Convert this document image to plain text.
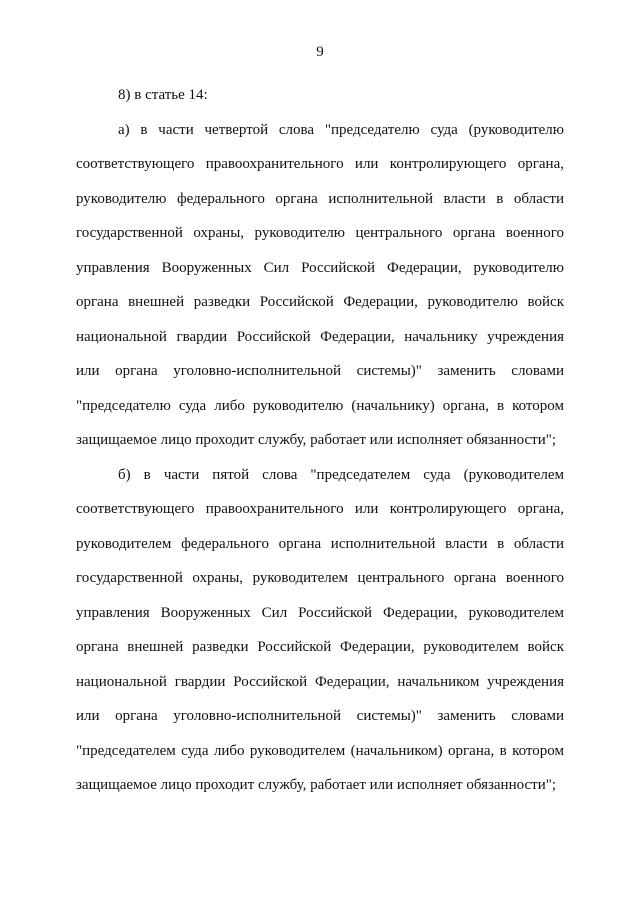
9
8) в статье 14:
а) в части четвертой слова "председателю суда (руководителю
соответствующего правоохранительного или контролирующего органа,
руководителю федерального органа исполнительной власти в области
государственной охраны, руководителю центрального органа военного
управления Вооруженных Сил Российской Федерации, руководителю
органа внешней разведки Российской Федерации, руководителю войск
национальной гвардии Российской Федерации, начальнику учреждения
или органа уголовно-исполнительной системы)" заменить словами
"председателю суда либо руководителю (начальнику) органа, в котором
защищаемое лицо проходит службу, работает или исполняет обязанности";
б) в части пятой слова "председателем суда (руководителем
соответствующего правоохранительного или контролирующего органа,
руководителем федерального органа исполнительной власти в области
государственной охраны, руководителем центрального органа военного
управления Вооруженных Сил Российской Федерации, руководителем
органа внешней разведки Российской Федерации, руководителем войск
национальной гвардии Российской Федерации, начальником учреждения
или органа уголовно-исполнительной системы)" заменить словами
"председателем суда либо руководителем (начальником) органа, в котором
защищаемое лицо проходит службу, работает или исполняет обязанности";
